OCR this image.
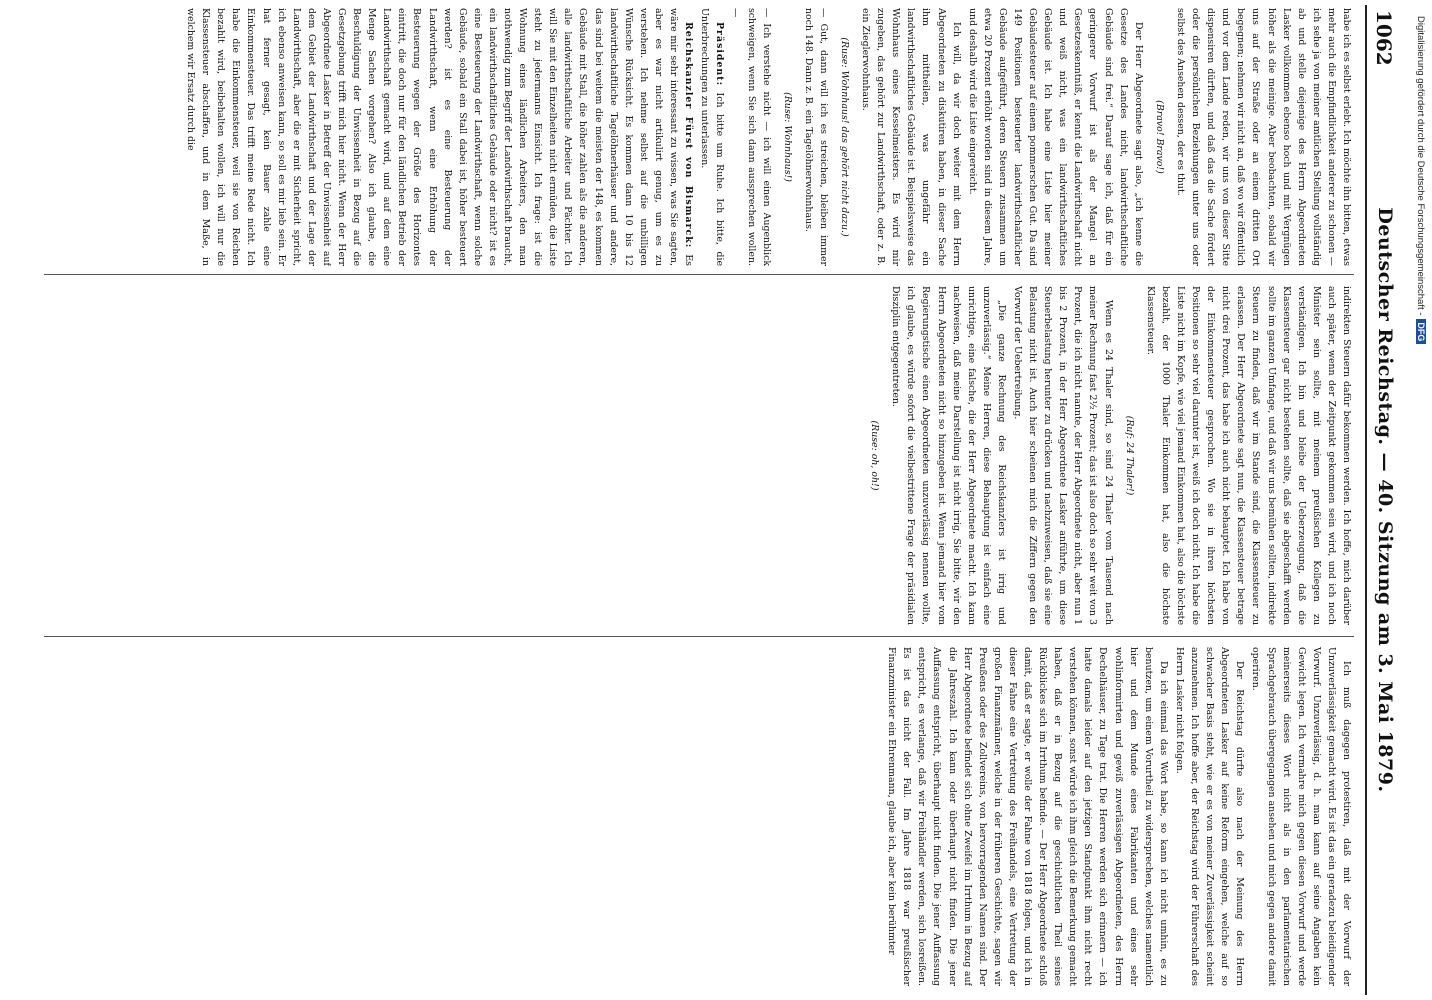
1062
Deutscher Reichstag. — 40. Sitzung am 3. Mai 1879.

habe ich es selbst erlebt. Ich möchte ihn bitten, etwas mehr auch die Empfindlichkeit anderer zu schonen — ich sehe ja von meiner amtlichen Stellung vollständig ab und stelle diejenige des Herrn Abgeordneten Lasker vollkommen ebenso hoch und mit Vergnügen höher als die meinige. Aber beobachten, sobald wir uns auf der Straße oder an einem dritten Ort begegnen; nehmen wir nicht an, daß wo wir öffentlich und vor dem Lande reden, wir uns von dieser Sitte dispensiren dürften, und daß das die Sache fördert oder die persönlichen Beziehungen unter uns oder selbst des Ansehen dessen, der es thut.

(Bravo! Bravo!)

Der Herr Abgeordnete sagt also, „ich kenne die Gesetze des Landes nicht, landwirthschaftliche Gebäude sind frei.“ Darauf sage ich, daß für ein geringerer Vorwurf ist als der Mangel an Gesetzeskenntniß, er kennt die Landwirthschaft nicht und weiß nicht, was ein landwirthschaftliches Gebäude ist. Ich habe eine Liste hier meiner Gebäudesteuer auf einem pommerschen Gut. Da sind 149 Positionen besteuerter landwirthschaftlicher Gebäude aufgeführt, deren Steuern zusammen um etwa 20 Prozent erhöht worden sind in diesem Jahre, und deshalb wird die Liste eingereicht.

Ich will, da wir doch weiter mit dem Herrn Abgeordneten zu diskutiren haben, in dieser Sache ihm mittheilen, was ungefähr ein landwirthschaftliches Gebäude ist. Beispielsweise das Wohnhaus eines Kesselmeisters. Es wird mir zugeben, das gehört zur Landwirthschaft, oder z. B. ein Zieglerwohnhaus.

(Ruse: Wohnhaus! das gehört nicht dazu.)

— Gut, dann will ich es streichen, bleiben immer noch 148. Dann z. B. ein Tagelöhnerwohnhaus.

(Ruse: Wohnhaus!)

— Ich verstehe nicht — ich will einen Augenblick schweigen, wenn Sie sich dann aussprechen wollen. —

Präsident: Ich bitte um Ruhe. Ich bitte, die Unterbrechungen zu unterlassen.

Reichskanzler Fürst von Bismarck: Es wäre mir sehr interessant zu wissen, was Sie sagten, aber es war nicht artikulirt genug, um es zu verstehen. Ich nehme selbst auf die unbilligen Wünsche Rücksicht. Es kommen dann 10 bis 12 landwirthschaftliche Tagelöhnerhäuser und andere, das sind bei weitem die meisten der 148, es kommen Gebäude mit Stall, die höher zahlen als die anderen, alle landwirthschaftliche Arbeiter und Pächter. Ich will Sie mit den Einzelheiten nicht ermüden, die Liste steht zu jedermanns Einsicht. Ich frage: ist die Wohnung eines ländlichen Arbeiters, den man nothwendig zum Begriff der Landwirthschaft braucht, ein landwirthschaftliches Gebäude oder nicht? ist es eine Besteuerung der Landwirthschaft, wenn solche Gebäude, sobald ein Stall dabei ist, höher besteuert werden? ist es eine Besteuerung der Landwirthschaft, wenn eine Erhöhung der Besteuerung wegen der Größe des Horizontes eintritt, die doch nur für den ländlichen Betrieb der Landwirthschaft gemacht wird, und auf dem eine Menge Sachen vorgehen? Also ich glaube, die Beschuldigung der Unwissenheit in Bezug auf die Gesetzgebung trifft mich hier nicht. Wenn der Herr Abgeordnete Lasker in Betreff der Unwissenheit auf dem Gebiet der Landwirthschaft und der Lage der Landwirthschaft, aber die er mit Sicherheit spricht, ich ebenso anweisen kann, so soll es mir lieb sein. Er hat ferner gesagt, kein Bauer zahle eine Einkommensteuer. Das trifft meine Rede nicht. Ich habe die Einkommensteuer, weil sie von Reichen bezahlt wird, beibehalten wollen, ich will nur die Klassensteuer abschaffen, und in dem Maße, in welchem wir Ersatz durch die

indirekten Steuern dafür bekommen werden. Ich hoffe, mich darüber auch später, wenn der Zeitpunkt gekommen sein wird, und ich noch Minister sein sollte, mit meinem preußischen Kollegen zu verständigen. Ich bin und bleibe der Ueberzeugung, daß die Klassensteuer gar nicht bestehen sollte, daß sie abgeschafft werden sollte im ganzen Umfange, und daß wir uns bemühen sollten, indirekte Steuern zu finden, daß wir im Stande sind, die Klassensteuer zu erlassen. Der Herr Abgeordnete sagt nun, die Klassensteuer betrage nicht drei Prozent, das habe ich auch nicht behauptet. Ich habe von der Einkommensteuer gesprochen. Wo sie in ihren höchsten Positionen so sehr viel darunter ist, weiß ich doch nicht. Ich habe die Liste nicht im Kopfe, wie viel jemand Einkommen hat, also die höchste bezahlt, der 1000 Thaler Einkommen hat, also die höchste Klassensteuer.

(Ruf: 24 Thaler!)

Wenn es 24 Thaler sind, so sind 24 Thaler vom Tausend nach meiner Rechnung fast 2½ Prozent; das ist also doch so sehr weit von 3 Prozent, die ich nicht nannte, der Herr Abgeordnete nicht, aber nun 1 bis 2 Prozent, in der Herr Abgeordnete Lasker anführte, um diese Steuerbelastung herunter zu drücken und nachzuweisen, daß sie eine Belastung nicht ist. Auch hier scheinen mich die Ziffern gegen den Vorwurf der Uebertreibung.

„Die ganze Rechnung des Reichskanzlers ist irrig und unzuverlässig.“ Meine Herren, diese Behauptung ist einfach eine unrichtige, eine falsche, die der Herr Abgeordnete macht. Ich kann nachweisen, daß meine Darstellung ist nicht irrig, Sie bitte, wir den Herrn Abgeordneten nicht so hinzugeben ist. Wenn jemand hier vom Regierungstische einen Abgeordneten unzuverlässig nennen wollte, ich glaube, es würde sofort die vielbestrittene Frage der präsidialen Disziplin entgegentreten.

(Ruse: oh, oh!)

Ich muß dagegen protestiren, daß mit der Vorwurf der Unzuverlässigkeit gemacht wird. Es ist das ein geradezu beleidigender Vorwurf. Unzuverlässig, d. h. man kann auf seine Angaben kein Gewicht legen. Ich vermahre mich gegen diesen Vorwurf und werde meinerseits dieses Wort nicht als in den parlamentarischen Sprachgebrauch übergegangen ansehen und mich gegen andere damit operiren.

Der Reichstag dürfte also nach der Meinung des Herrn Abgeordneten Lasker auf keine Reform eingehen, welche auf so schwacher Basis steht, wie er es von meiner Zuverlässigkeit scheint anzunehmen. Ich hoffe aber, der Reichstag wird der Führerschaft des Herrn Lasker nicht folgen.

Da ich einmal das Wort habe, so kann ich nicht umhin, es zu benutzen, um einem Vorurtheil zu widersprechen, welches namentlich hier und dem Munde eines Fabrikanten und eines sehr wohlinformirten und gewiß zuverlässigen Abgeordneten, des Herrn Dechelhäuser, zu Tage trat. Die Herren werden sich erinnern — ich hatte damals leider auf den jetzigen Standpunkt ihm nicht recht verstehen können, sonst würde ich ihm gleich die Bemerkung gemacht haben, daß er in Bezug auf die geschichtlichen Theil seines Rückblickes sich im Irrthum befinde. — Der Herr Abgeordnete schloß damit, daß er sagte, er wolle der Fahne von 1818 folgen, und ich in dieser Fahne eine Vertretung des Freihandels, eine Vertretung der großen Finanzmänner, welche in der früheren Geschichte, sagen wir Preußens oder des Zollvereins, von hervorragenden Namen sind. Der Herr Abgeordnete befindet sich ohne Zweifel im Irrthum in Bezug auf die Jahreszahl. Ich kann oder überhaupt nicht finden. Die jener Auffassung entspricht, überhaupt nicht finden. Die jener Auffassung entspricht, es verlange, daß wir Freihändler werden, sich losreißen. Es ist das nicht der Fall. Im Jahre 1818 war preußischer Finanzminister ein Ehrenmann, glaube ich, aber kein berühmter

Digitalisierung gefördert durch die Deutsche Forschungsgemeinschaft -DFG
